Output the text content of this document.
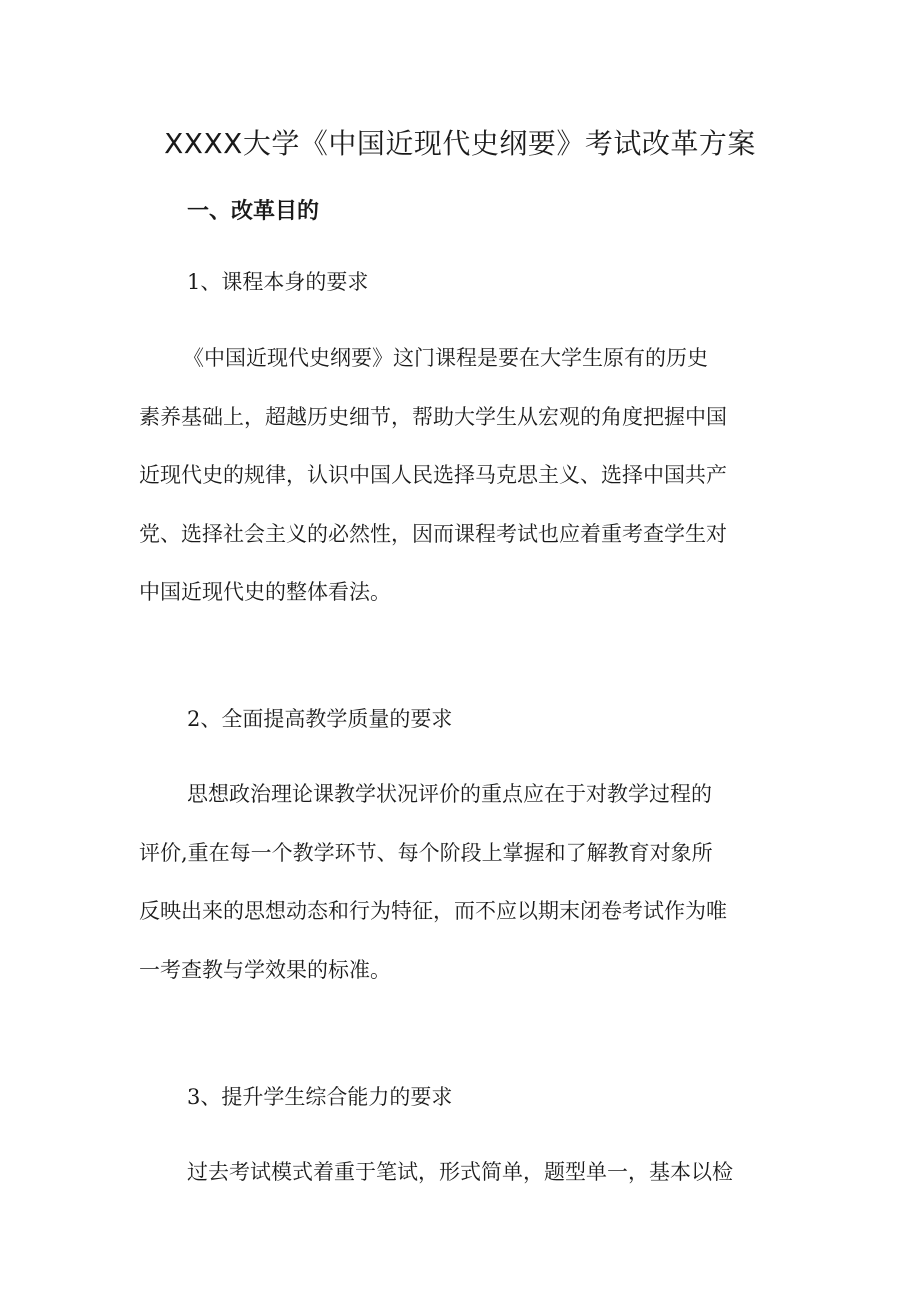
XXXX大学《中国近现代史纲要》考试改革方案
一、改革目的
1、课程本身的要求
《中国近现代史纲要》这门课程是要在大学生原有的历史
素养基础上，超越历史细节，帮助大学生从宏观的角度把握中国
近现代史的规律，认识中国人民选择马克思主义、选择中国共产
党、选择社会主义的必然性，因而课程考试也应着重考查学生对
中国近现代史的整体看法。
2、全面提高教学质量的要求
思想政治理论课教学状况评价的重点应在于对教学过程的
评价,重在每一个教学环节、每个阶段上掌握和了解教育对象所
反映出来的思想动态和行为特征，而不应以期末闭卷考试作为唯
一考查教与学效果的标准。
3、提升学生综合能力的要求
过去考试模式着重于笔试，形式简单，题型单一，基本以检
